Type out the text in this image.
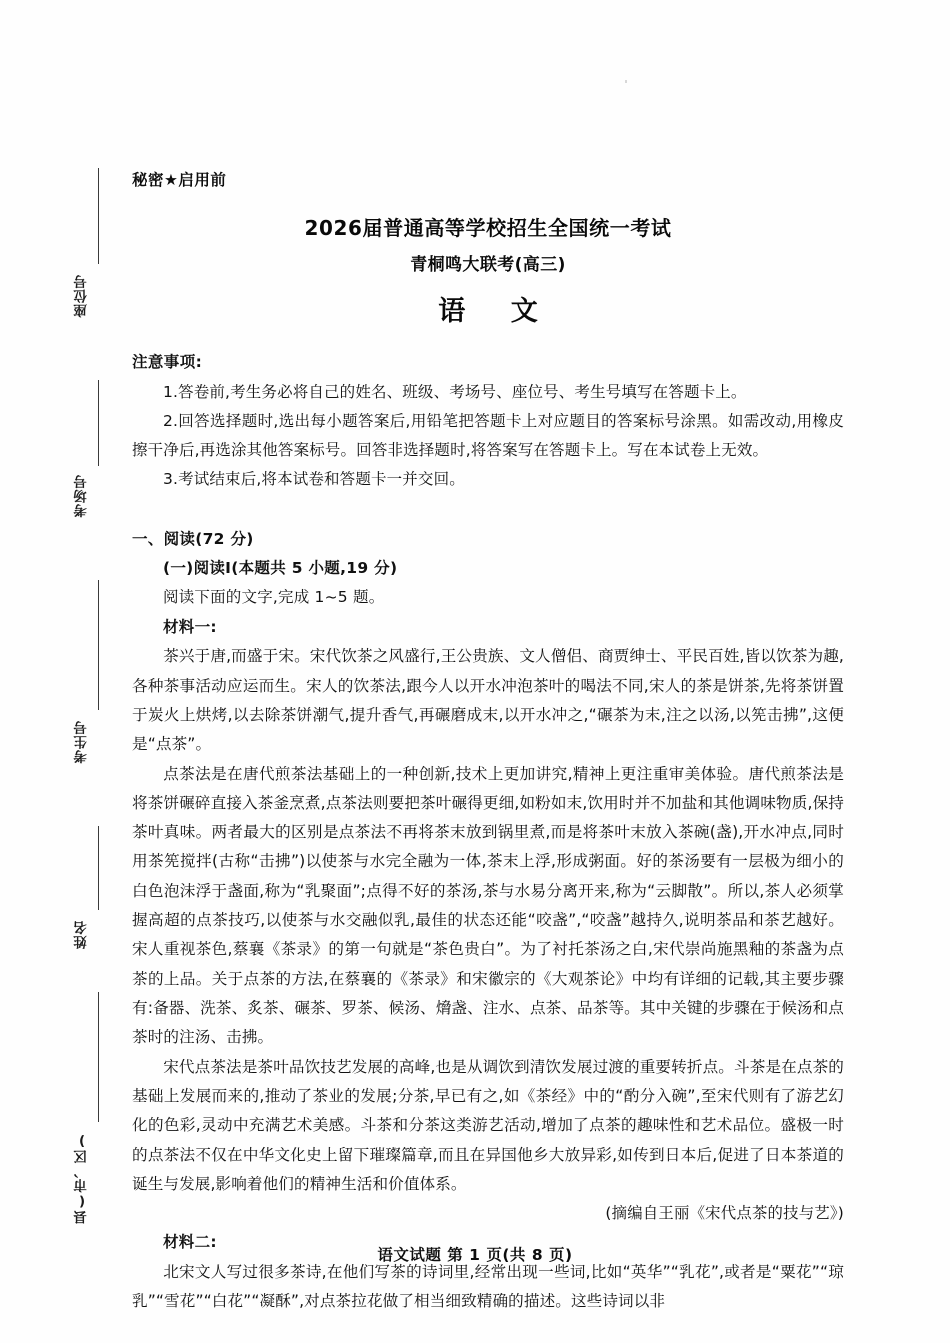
座位号
考场号
考生号
姓名
县(市、区)

秘密★启用前

2026届普通高等学校招生全国统一考试

青桐鸣大联考(高三)

语 文

注意事项:

1.答卷前,考生务必将自己的姓名、班级、考场号、座位号、考生号填写在答题卡上。

2.回答选择题时,选出每小题答案后,用铅笔把答题卡上对应题目的答案标号涂黑。如需改动,用橡皮擦干净后,再选涂其他答案标号。回答非选择题时,将答案写在答题卡上。写在本试卷上无效。

3.考试结束后,将本试卷和答题卡一并交回。

一、阅读(72 分)

(一)阅读Ⅰ(本题共 5 小题,19 分)

阅读下面的文字,完成 1~5 题。

材料一:

茶兴于唐,而盛于宋。宋代饮茶之风盛行,王公贵族、文人僧侣、商贾绅士、平民百姓,皆以饮茶为趣,各种茶事活动应运而生。宋人的饮茶法,跟今人以开水冲泡茶叶的喝法不同,宋人的茶是饼茶,先将茶饼置于炭火上烘烤,以去除茶饼潮气,提升香气,再碾磨成末,以开水冲之,“碾茶为末,注之以汤,以筅击拂”,这便是“点茶”。

点茶法是在唐代煎茶法基础上的一种创新,技术上更加讲究,精神上更注重审美体验。唐代煎茶法是将茶饼碾碎直接入茶釜烹煮,点茶法则要把茶叶碾得更细,如粉如末,饮用时并不加盐和其他调味物质,保持茶叶真味。两者最大的区别是点茶法不再将茶末放到锅里煮,而是将茶叶末放入茶碗(盏),开水冲点,同时用茶筅搅拌(古称“击拂”)以使茶与水完全融为一体,茶末上浮,形成粥面。好的茶汤要有一层极为细小的白色泡沫浮于盏面,称为“乳聚面”;点得不好的茶汤,茶与水易分离开来,称为“云脚散”。所以,茶人必须掌握高超的点茶技巧,以使茶与水交融似乳,最佳的状态还能“咬盏”,“咬盏”越持久,说明茶品和茶艺越好。宋人重视茶色,蔡襄《茶录》的第一句就是“茶色贵白”。为了衬托茶汤之白,宋代崇尚施黑釉的茶盏为点茶的上品。关于点茶的方法,在蔡襄的《茶录》和宋徽宗的《大观茶论》中均有详细的记载,其主要步骤有:备器、洗茶、炙茶、碾茶、罗茶、候汤、熁盏、注水、点茶、品茶等。其中关键的步骤在于候汤和点茶时的注汤、击拂。

宋代点茶法是茶叶品饮技艺发展的高峰,也是从调饮到清饮发展过渡的重要转折点。斗茶是在点茶的基础上发展而来的,推动了茶业的发展;分茶,早已有之,如《茶经》中的“酌分入碗”,至宋代则有了游艺幻化的色彩,灵动中充满艺术美感。斗茶和分茶这类游艺活动,增加了点茶的趣味性和艺术品位。盛极一时的点茶法不仅在中华文化史上留下璀璨篇章,而且在异国他乡大放异彩,如传到日本后,促进了日本茶道的诞生与发展,影响着他们的精神生活和价值体系。

(摘编自王丽《宋代点茶的技与艺》)

材料二:

北宋文人写过很多茶诗,在他们写茶的诗词里,经常出现一些词,比如“英华”“乳花”,或者是“粟花”“琼乳”“雪花”“白花”“凝酥”,对点茶拉花做了相当细致精确的描述。这些诗词以非

语文试题 第 1 页(共 8 页)
